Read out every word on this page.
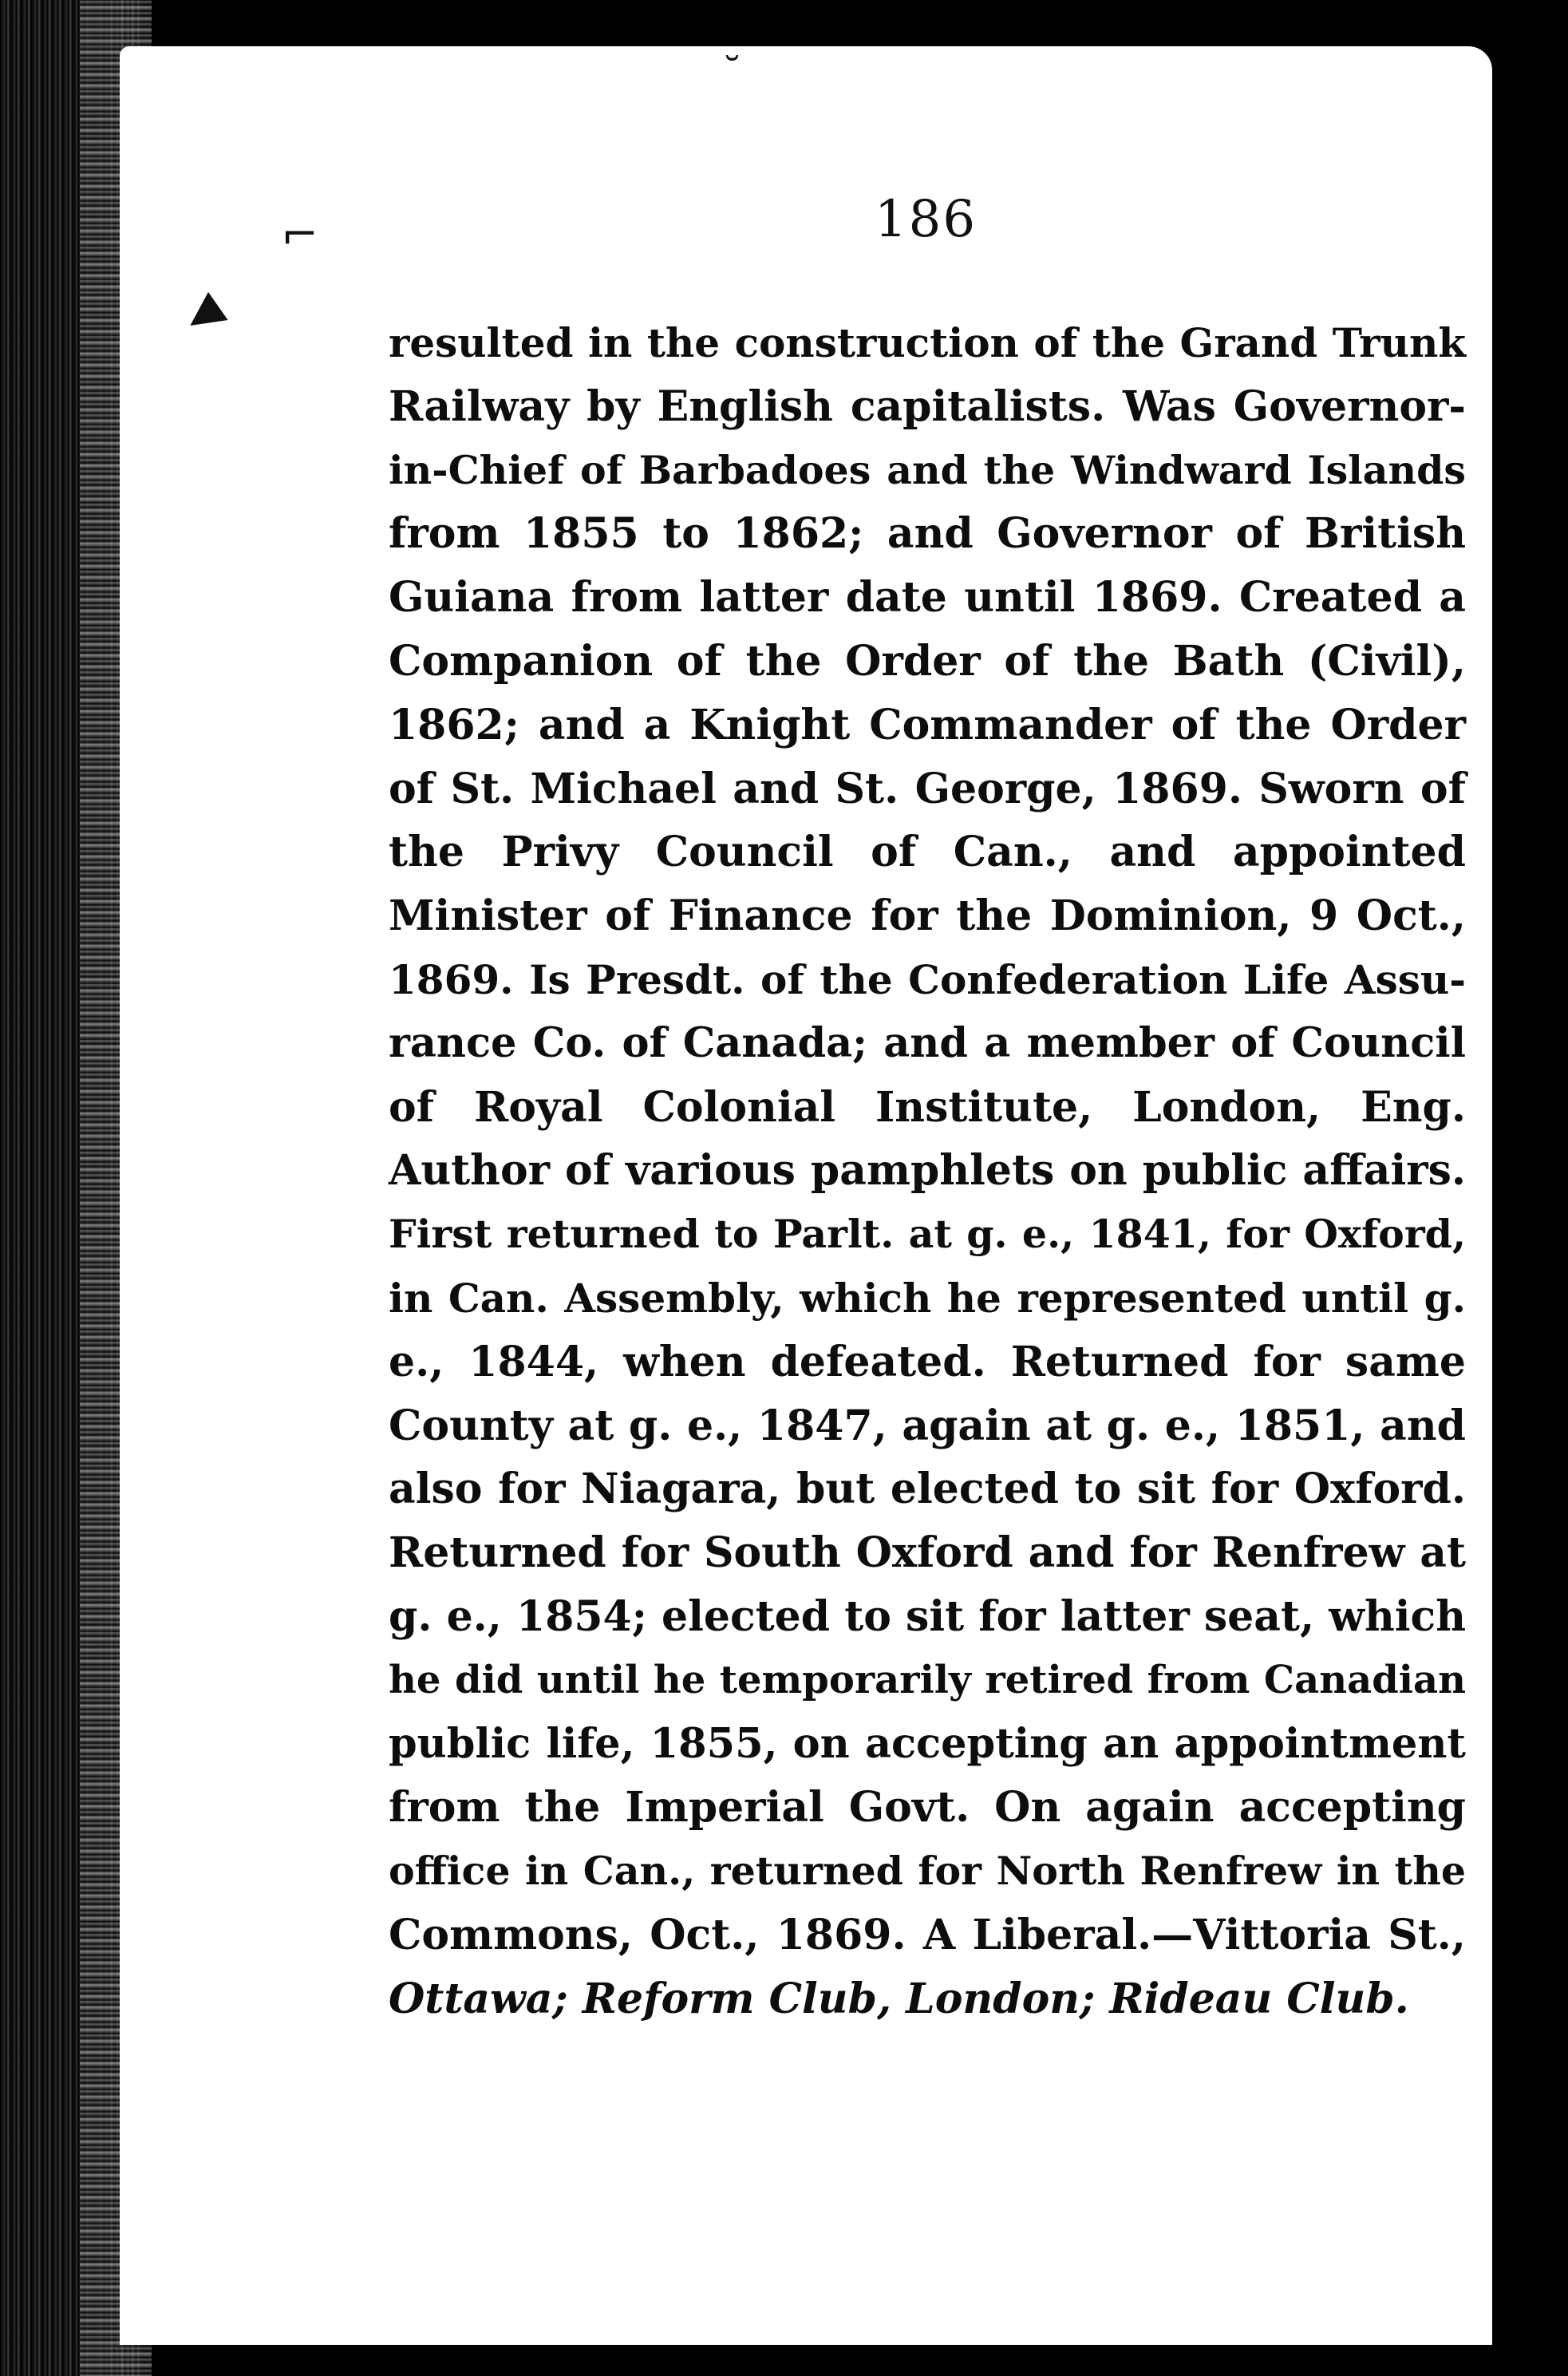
˘
⌐
◀
186
resulted in the construction of the Grand Trunk
Railway by English capitalists. Was Governor-
in-Chief of Barbadoes and the Windward Islands
from 1855 to 1862; and Governor of British
Guiana from latter date until 1869. Created a
Companion of the Order of the Bath (Civil),
1862; and a Knight Commander of the Order
of St. Michael and St. George, 1869. Sworn of
the Privy Council of Can., and appointed
Minister of Finance for the Dominion, 9 Oct.,
1869. Is Presdt. of the Confederation Life Assu-
rance Co. of Canada; and a member of Council
of Royal Colonial Institute, London, Eng.
Author of various pamphlets on public affairs.
First returned to Parlt. at g. e., 1841, for Oxford,
in Can. Assembly, which he represented until g.
e., 1844, when defeated. Returned for same
County at g. e., 1847, again at g. e., 1851, and
also for Niagara, but elected to sit for Oxford.
Returned for South Oxford and for Renfrew at
g. e., 1854; elected to sit for latter seat, which
he did until he temporarily retired from Canadian
public life, 1855, on accepting an appointment
from the Imperial Govt. On again accepting
office in Can., returned for North Renfrew in the
Commons, Oct., 1869. A Liberal.—Vittoria St.,
Ottawa; Reform Club, London; Rideau Club.
